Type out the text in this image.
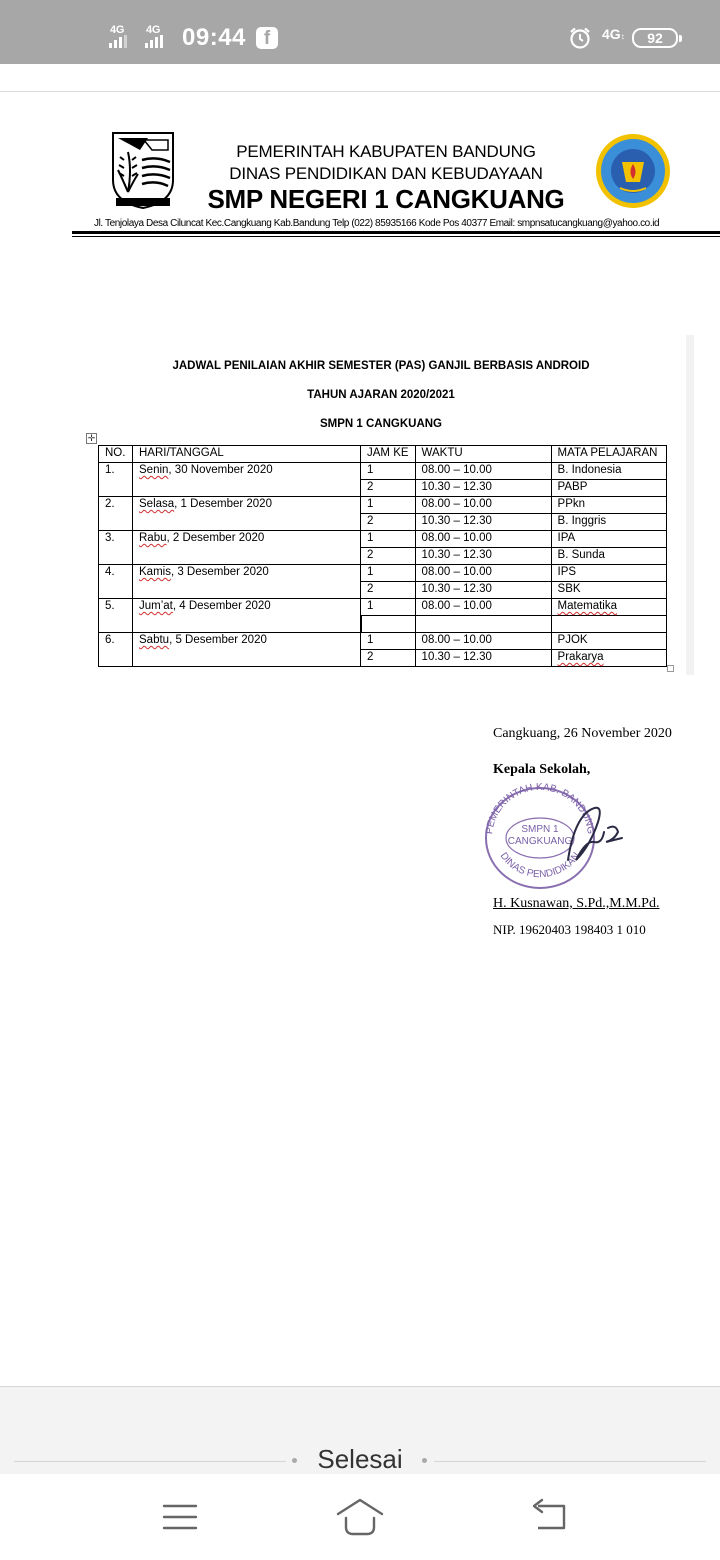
4G 4G 09:44 f	4G↕	92
PEMERINTAH KABUPATEN BANDUNG
DINAS PENDIDIKAN DAN KEBUDAYAAN
SMP NEGERI 1 CANGKUANG
Jl. Tenjolaya Desa Ciluncat Kec.Cangkuang Kab.Bandung Telp (022) 85935166 Kode Pos 40377 Email: smpnsatucangkuang@yahoo.co.id
JADWAL PENILAIAN AKHIR SEMESTER (PAS) GANJIL BERBASIS ANDROID
TAHUN AJARAN 2020/2021
SMPN 1 CANGKUANG
✛
NO.	HARI/TANGGAL	JAM KE	WAKTU	MATA PELAJARAN
1.	Senin, 30 November 2020	1	08.00 – 10.00	B. Indonesia
		2	10.30 – 12.30	PABP
2.	Selasa, 1 Desember 2020	1	08.00 – 10.00	PPkn
		2	10.30 – 12.30	B. Inggris
3.	Rabu, 2 Desember 2020	1	08.00 – 10.00	IPA
		2	10.30 – 12.30	B. Sunda
4.	Kamis, 3 Desember 2020	1	08.00 – 10.00	IPS
		2	10.30 – 12.30	SBK
5.	Jum’at, 4 Desember 2020	1	08.00 – 10.00	Matematika

6.	Sabtu, 5 Desember 2020	1	08.00 – 10.00	PJOK
		2	10.30 – 12.30	Prakarya
Cangkuang, 26 November 2020
Kepala Sekolah,
PEMERINTAH KAB. BANDUNG
DINAS PENDIDIKAN
SMPN 1
CANGKUANG
H. Kusnawan, S.Pd.,M.M.Pd.
NIP. 19620403 198403 1 010
Selesai
